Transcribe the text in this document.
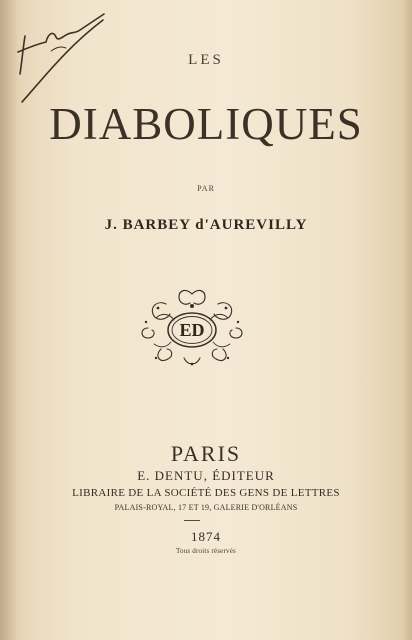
LES
DIABOLIQUES
PAR
J. BARBEY d'AUREVILLY
ED
PARIS
E. DENTU, ÉDITEUR
LIBRAIRE DE LA SOCIÉTÉ DES GENS DE LETTRES
PALAIS-ROYAL, 17 ET 19, GALERIE D'ORLÉANS
1874
Tous droits réservés
